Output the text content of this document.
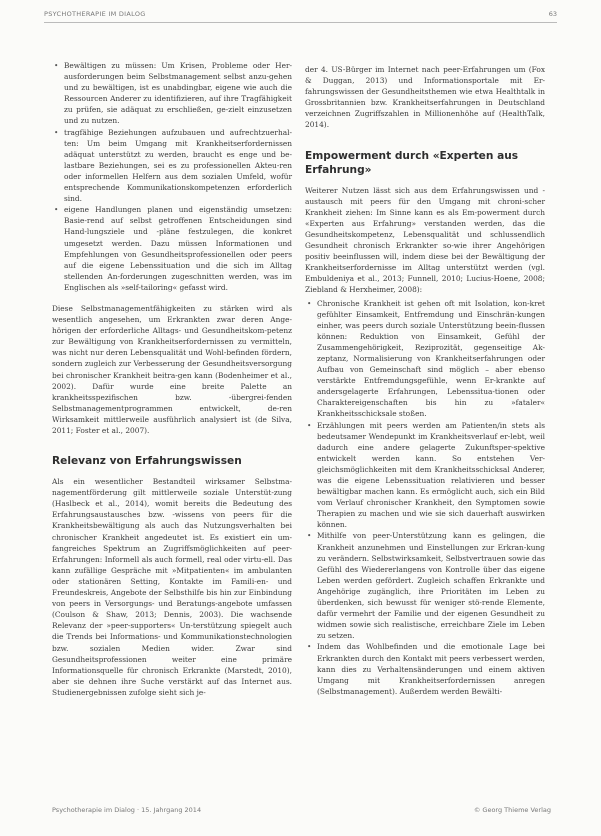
PSYCHOTHERAPIE IM DIALOG	63
• Bewältigen zu müssen: Um Krisen, Probleme oder Her-ausforderungen beim Selbstmanagement selbst anzu-gehen und zu bewältigen, ist es unabdingbar, eigene wie auch die Ressourcen Anderer zu identifizieren, auf ihre Tragfähigkeit zu prüfen, sie adäquat zu erschließen, ge-zielt einzusetzen und zu nutzen.
• tragfähige Beziehungen aufzubauen und aufrechtzuerhal-ten: Um beim Umgang mit Krankheitserfordernissen adäquat unterstützt zu werden, braucht es enge und be-lastbare Beziehungen, sei es zu professionellen Akteu-ren oder informellen Helfern aus dem sozialen Umfeld, wofür entsprechende Kommunikationskompetenzen erforderlich sind.
• eigene Handlungen planen und eigenständig umsetzen: Basie-rend auf selbst getroffenen Entscheidungen sind Hand-lungsziele und -pläne festzulegen, die konkret umgesetzt werden. Dazu müssen Informationen und Empfehlungen von Gesundheitsprofessionellen oder peers auf die eigene Lebenssituation und die sich im Alltag stellenden An-forderungen zugeschnitten werden, was im Englischen als »self-tailoring« gefasst wird.

Diese Selbstmanagementfähigkeiten zu stärken wird als wesentlich angesehen, um Erkrankten zwar deren Ange-hörigen der erforderliche Alltags- und Gesundheitskom-petenz zur Bewältigung von Krankheitserfordernissen zu vermitteln, was nicht nur deren Lebensqualität und Wohl-befinden fördern, sondern zugleich zur Verbesserung der Gesundheitsversorgung bei chronischer Krankheit beitra-gen kann (Bodenheimer et al., 2002). Dafür wurde eine breite Palette an krankheitsspezifischen bzw. -übergrei-fenden Selbstmanagementprogrammen entwickelt, de-ren Wirksamkeit mittlerweile ausführlich analysiert ist (de Silva, 2011; Foster et al., 2007).

Relevanz von Erfahrungswissen

Als ein wesentlicher Bestandteil wirksamer Selbstma-nagementförderung gilt mittlerweile soziale Unterstüt-zung (Haslbeck et al., 2014), womit bereits die Bedeutung des Erfahrungsaustausches bzw. -wissens von peers für die Krankheitsbewältigung als auch das Nutzungsverhalten bei chronischer Krankheit angedeutet ist. Es existiert ein um-fangreiches Spektrum an Zugriffsmöglichkeiten auf peer-Erfahrungen: Informell als auch formell, real oder virtu-ell. Das kann zufällige Gespräche mit »Mitpatienten« im ambulanten oder stationären Setting, Kontakte im Famili-en- und Freundeskreis, Angebote der Selbsthilfe bis hin zur Einbindung von peers in Versorgungs- und Beratungs-angebote umfassen (Coulson & Shaw, 2013; Dennis, 2003). Die wachsende Relevanz der »peer-supporters« Un-terstützung spiegelt auch die Trends bei Informations- und Kommunikationstechnologien bzw. sozialen Medien wider. Zwar sind Gesundheitsprofessionen weiter eine primäre Informationsquelle für chronisch Erkrankte (Marstedt, 2010), aber sie dehnen ihre Suche verstärkt auf das Internet aus. Studienergebnissen zufolge sieht sich je-

der 4. US-Bürger im Internet nach peer-Erfahrungen um (Fox & Duggan, 2013) und Informationsportale mit Er-fahrungswissen der Gesundheitsthemen wie etwa Healthtalk in Grossbritannien bzw. Krankheitserfahrungen in Deutschland verzeichnen Zugriffszahlen in Millionenhöhe auf (HealthTalk, 2014).

Empowerment durch «Experten aus Erfahrung»

Weiterer Nutzen lässt sich aus dem Erfahrungswissen und -austausch mit peers für den Umgang mit chroni-scher Krankheit ziehen: Im Sinne kann es als Em-powerment durch «Experten aus Erfahrung» verstanden werden, das die Gesundheitskompetenz, Lebensqualität und schlussendlich Gesundheit chronisch Erkrankter so-wie ihrer Angehörigen positiv beeinflussen will, indem diese bei der Bewältigung der Krankheitserfordernisse im Alltag unterstützt werden (vgl. Embuldeniya et al., 2013; Funnell, 2010; Lucius-Hoene, 2008; Ziebland & Herxheimer, 2008):

• Chronische Krankheit ist gehen oft mit Isolation, kon-kret gefühlter Einsamkeit, Entfremdung und Einschrän-kungen einher, was peers durch soziale Unterstützung beein-flussen können: Reduktion von Einsamkeit, Gefühl der Zusammengehörigkeit, Reziprozität, gegenseitige Ak-zeptanz, Normalisierung von Krankheitserfahrungen oder Aufbau von Gemeinschaft sind möglich – aber ebenso verstärkte Entfremdungsgefühle, wenn Er-krankte auf andersgelagerte Erfahrungen, Lebenssitua-tionen oder Charaktereigenschaften bis hin zu »fataler« Krankheitsschicksale stoßen.
• Erzählungen mit peers werden am Patienten/in stets als bedeutsamer Wendepunkt im Krankheitsverlauf er-lebt, weil dadurch eine andere gelagerte Zukunftsper-spektive entwickelt werden kann. So entstehen Ver-gleichsmöglichkeiten mit dem Krankheitsschicksal Anderer, was die eigene Lebenssituation relativieren und besser bewältigbar machen kann. Es ermöglicht auch, sich ein Bild vom Verlauf chronischer Krankheit, den Symptomen sowie Therapien zu machen und wie sie sich dauerhaft auswirken können.
• Mithilfe von peer-Unterstützung kann es gelingen, die Krankheit anzunehmen und Einstellungen zur Erkran-kung zu verändern. Selbstwirksamkeit, Selbstvertrauen sowie das Gefühl des Wiedererlangens von Kontrolle über das eigene Leben werden gefördert. Zugleich schaffen Erkrankte und Angehörige zugänglich, ihre Prioritäten im Leben zu überdenken, sich bewusst für weniger stö-rende Elemente, dafür vermehrt der Familie und der eigenen Gesundheit zu widmen sowie sich realistische, erreichbare Ziele im Leben zu setzen.
• Indem das Wohlbefinden und die emotionale Lage bei Erkrankten durch den Kontakt mit peers verbessert werden, kann dies zu Verhaltensänderungen und einem aktiven Umgang mit Krankheitserfordernissen anregen (Selbstmanagement). Außerdem werden Bewälti-
Psychotherapie im Dialog · 15. Jahrgang 2014	© Georg Thieme Verlag
